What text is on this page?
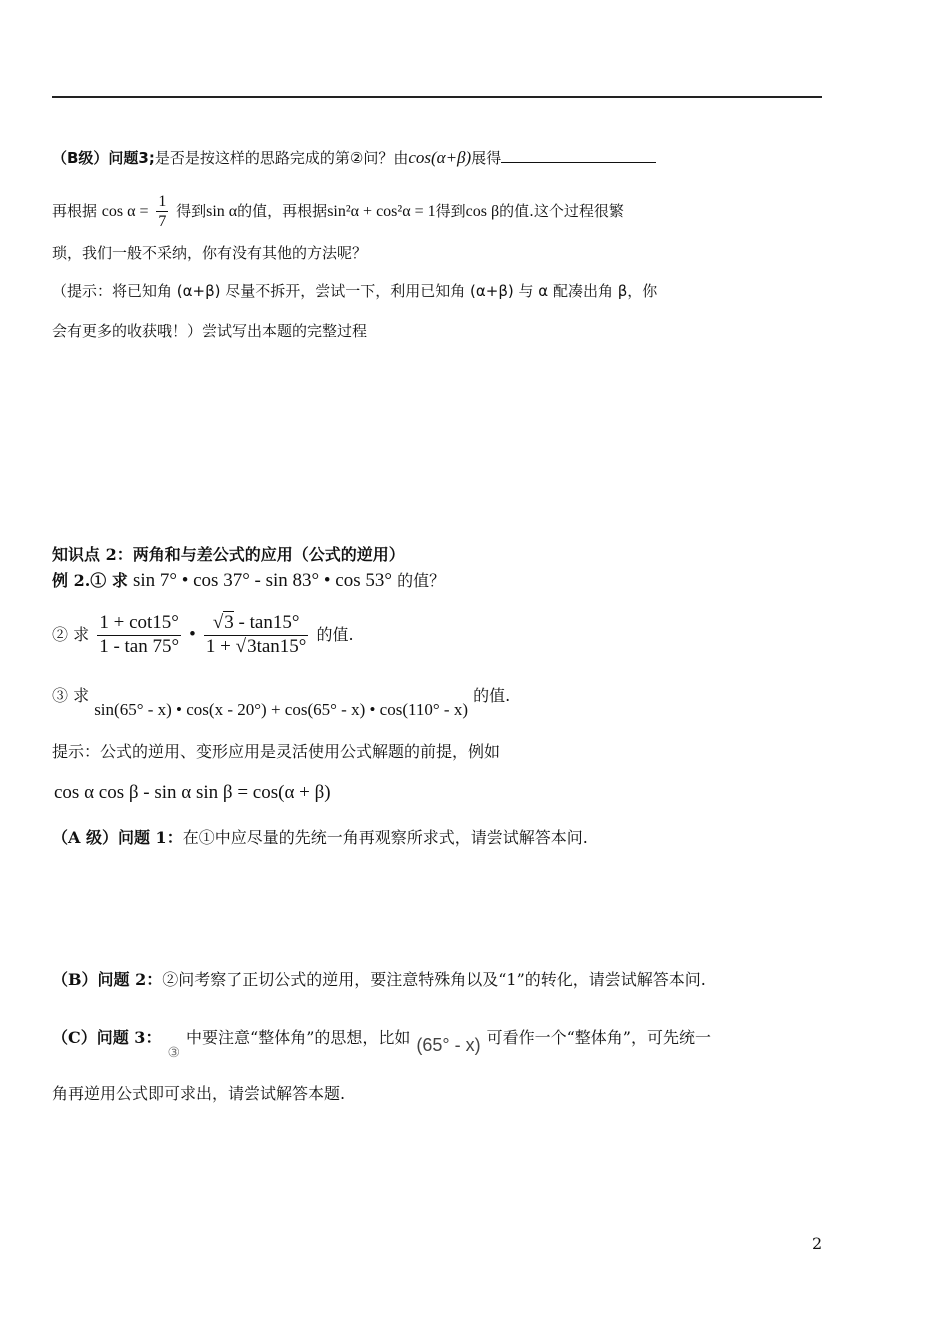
（B级）问题3;是否是按这样的思路完成的第②问？由cos(α+β)展得
再根据 $\cos \alpha = \frac{1}{7}$ 得到sin α的值，再根据sin²α + cos²α = 1得到cos β的值.这个过程很繁
琐，我们一般不采纳，你有没有其他的方法呢？
（提示：将已知角 (α+β) 尽量不拆开，尝试一下，利用已知角 (α+β) 与 α 配凑出角 β，你
会有更多的收获哦！）尝试写出本题的完整过程
知识点 2：两角和与差公式的应用（公式的逆用）
例 2.① 求 sin 7° • cos 37° - sin 83° • cos 53° 的值？
② 求 $\frac{1 + \cot 15^\circ}{1 - \tan 75^\circ}$ • $\frac{√3 - \tan 15^\circ}{1 + √3\tan 15^\circ}$ 的值.
③ 求 sin(65° - x) • cos(x - 20°) + cos(65° - x) • cos(110° - x) 的值.
提示：公式的逆用、变形应用是灵活使用公式解题的前提，例如
cos α cos β - sin α sin β = cos(α + β)
（A 级）问题 1：在①中应尽量的先统一角再观察所求式，请尝试解答本问.
（B）问题 2：②问考察了正切公式的逆用，要注意特殊角以及“1”的转化，请尝试解答本问.
（C）问题 3：③中要注意“整体角”的思想，比如 (65° - x) 可看作一个“整体角”，可先统一
角再逆用公式即可求出，请尝试解答本题.
2
